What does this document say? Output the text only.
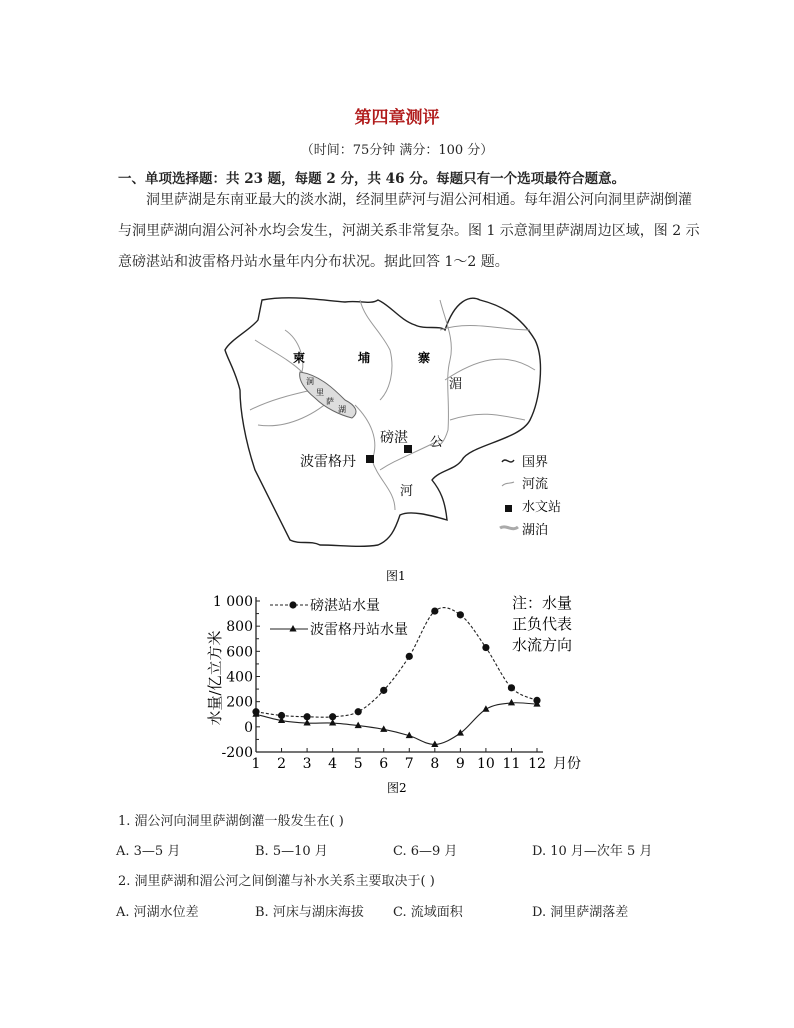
第四章测评
（时间：75分钟 满分：100 分）
一、单项选择题：共 23 题，每题 2 分，共 46 分。每题只有一个选项最符合题意。
洞里萨湖是东南亚最大的淡水湖，经洞里萨河与湄公河相通。每年湄公河向洞里萨湖倒灌
与洞里萨湖向湄公河补水均会发生，河湖关系非常复杂。图 1 示意洞里萨湖周边区域，图 2 示
意磅湛站和波雷格丹站水量年内分布状况。据此回答 1～2 题。
洞
里
萨
湖
柬	埔	寨
湄
公
河
磅湛
波雷格丹	国界
河流
水文站
湖泊
图1
1 000
800
600
400
200
0
-200
1 2 3 4 5 6 7 8 9 10 11 12 月份
水量/亿立方米
磅湛站水量
波雷格丹站水量
注：水量
正负代表
水流方向
图2
1. 湄公河向洞里萨湖倒灌一般发生在( )
A. 3—5 月	B. 5—10 月	C. 6—9 月	D. 10 月—次年 5 月
2. 洞里萨湖和湄公河之间倒灌与补水关系主要取决于( )
A. 河湖水位差	B. 河床与湖床海拔 C. 流域面积	D. 洞里萨湖落差
